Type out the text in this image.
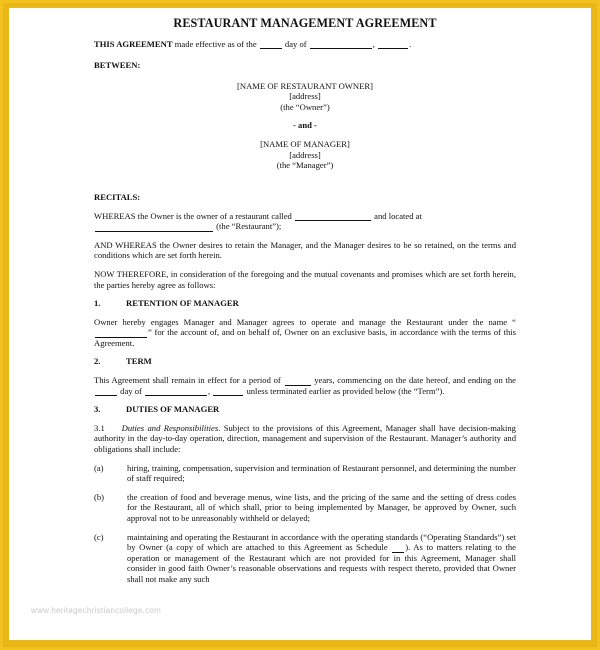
RESTAURANT MANAGEMENT AGREEMENT

THIS AGREEMENT made effective as of the	day of	,	.

BETWEEN:

[NAME OF RESTAURANT OWNER]

[address]

(the “Owner”)

- and -

[NAME OF MANAGER]

[address]

(the “Manager”)

RECITALS:

WHEREAS the Owner is the owner of a restaurant called	and located at
(the “Restaurant”);

AND WHEREAS the Owner desires to retain the Manager, and the Manager desires to be so retained, on the terms and conditions which are set forth herein.

NOW THEREFORE, in consideration of the foregoing and the mutual covenants and promises which are set forth herein, the parties hereby agree as follows:

1.	RETENTION OF MANAGER

Owner hereby engages Manager and Manager agrees to operate and manage the Restaurant under the name “” for the account of, and on behalf of, Owner on an exclusive basis, in accordance with the terms of this Agreement.

2.	TERM

This Agreement shall remain in effect for a period of	years, commencing on the date hereof, and ending on the  day of	,	unless terminated earlier as provided below (the “Term”).

3.	DUTIES OF MANAGER

3.1 Duties and Responsibilities. Subject to the provisions of this Agreement, Manager shall have decision-making authority in the day-to-day operation, direction, management and supervision of the Restaurant. Manager’s authority and obligations shall include:

(a)	hiring, training, compensation, supervision and termination of Restaurant personnel, and determining the number of staff required;
(b)	the creation of food and beverage menus, wine lists, and the pricing of the same and the setting of dress codes for the Restaurant, all of which shall, prior to being implemented by Manager, be approved by Owner, such approval not to be unreasonably withheld or delayed;
(c)	maintaining and operating the Restaurant in accordance with the operating standards (“Operating Standards”) set by Owner (a copy of which are attached to this Agreement as Schedule ). As to matters relating to the operation or management of the Restaurant which are not provided for in this Agreement, Manager shall consider in good faith Owner’s reasonable observations and requests with respect thereto, provided that Owner shall not make any such
www.heritagechristiancollege.com
